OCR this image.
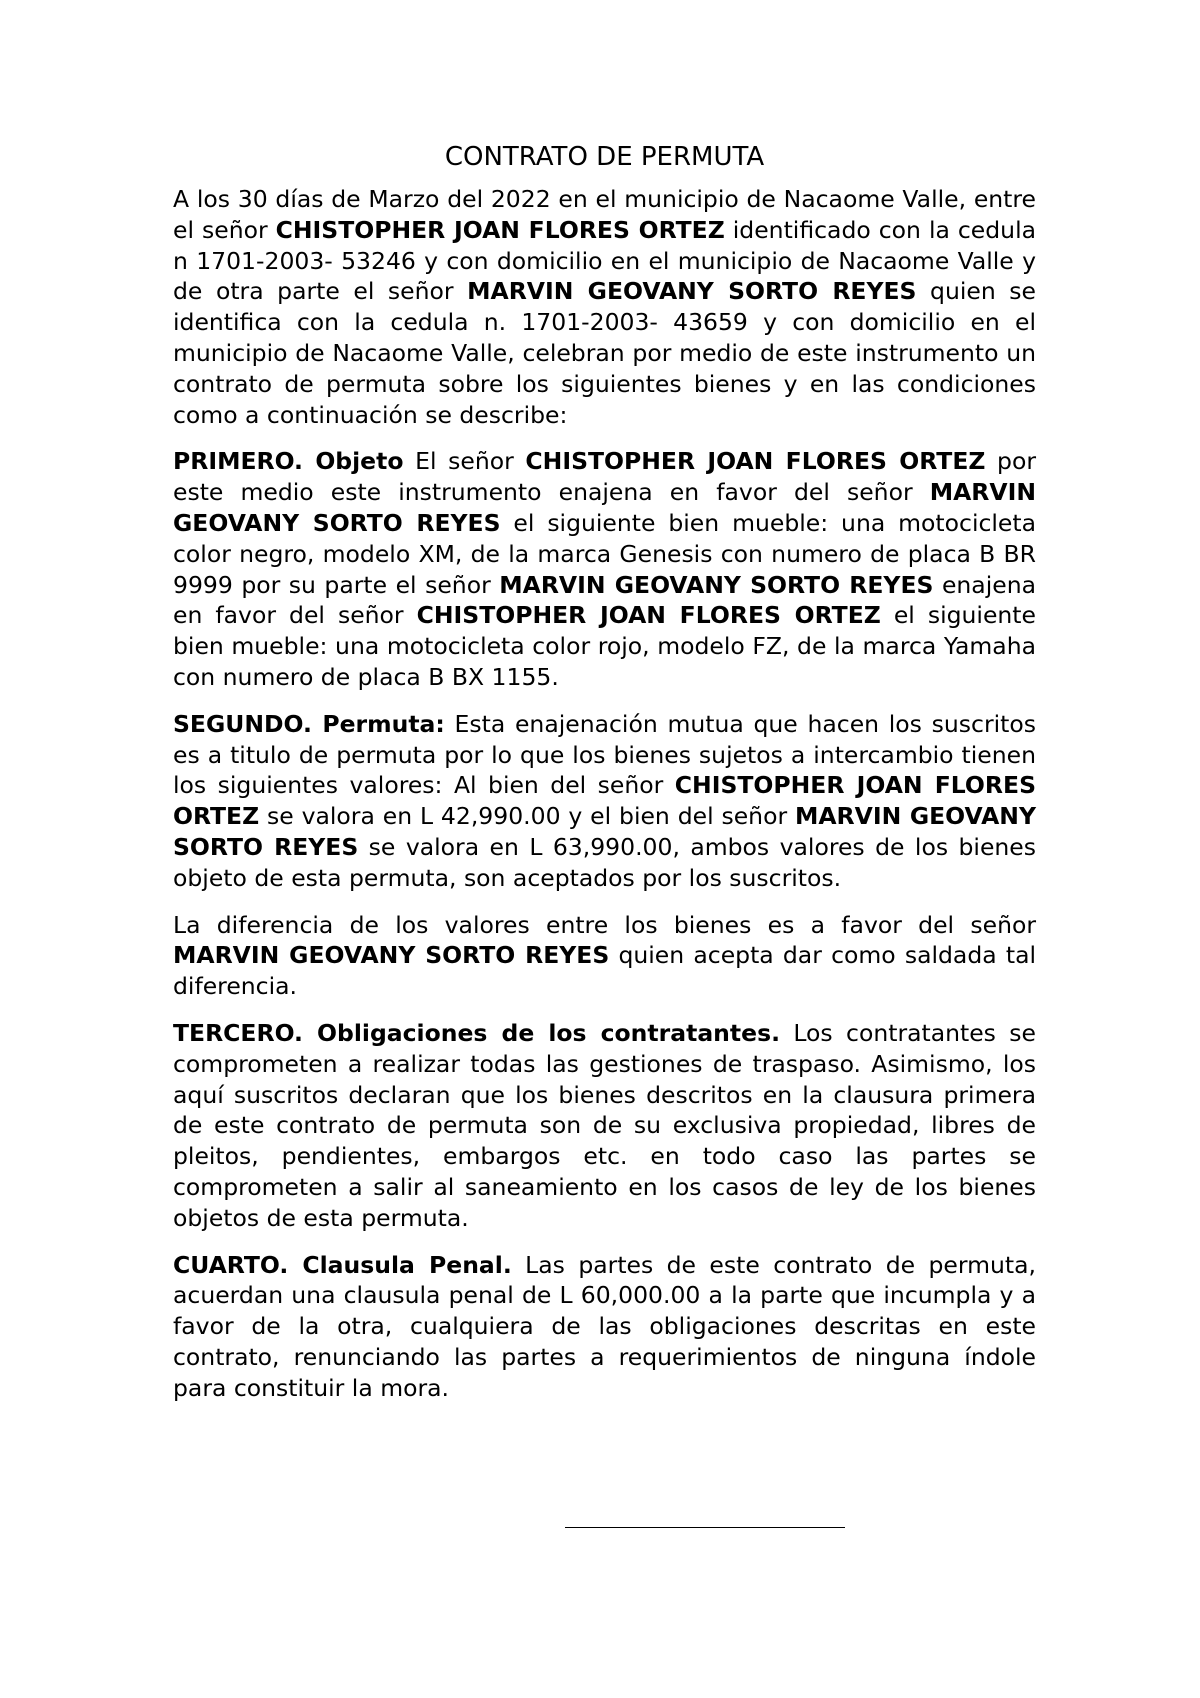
CONTRATO DE PERMUTA

A los 30 días de Marzo del 2022 en el municipio de Nacaome Valle, entre el señor CHISTOPHER JOAN FLORES ORTEZ identificado con la cedula n 1701-2003- 53246 y con domicilio en el municipio de Nacaome Valle y de otra parte el señor MARVIN GEOVANY SORTO REYES quien se identifica con la cedula n. 1701-2003- 43659 y con domicilio en el municipio de Nacaome Valle, celebran por medio de este instrumento un contrato de permuta sobre los siguientes bienes y en las condiciones como a continuación se describe:

PRIMERO. Objeto El señor CHISTOPHER JOAN FLORES ORTEZ por este medio este instrumento enajena en favor del señor MARVIN GEOVANY SORTO REYES el siguiente bien mueble: una motocicleta color negro, modelo XM, de la marca Genesis con numero de placa B BR 9999 por su parte el señor MARVIN GEOVANY SORTO REYES enajena en favor del señor CHISTOPHER JOAN FLORES ORTEZ el siguiente bien mueble: una motocicleta color rojo, modelo FZ, de la marca Yamaha con numero de placa B BX 1155.

SEGUNDO. Permuta: Esta enajenación mutua que hacen los suscritos es a titulo de permuta por lo que los bienes sujetos a intercambio tienen los siguientes valores: Al bien del señor CHISTOPHER JOAN FLORES ORTEZ se valora en L 42,990.00 y el bien del señor MARVIN GEOVANY SORTO REYES se valora en L 63,990.00, ambos valores de los bienes objeto de esta permuta, son aceptados por los suscritos.

La diferencia de los valores entre los bienes es a favor del señor MARVIN GEOVANY SORTO REYES quien acepta dar como saldada tal diferencia.

TERCERO. Obligaciones de los contratantes. Los contratantes se comprometen a realizar todas las gestiones de traspaso. Asimismo, los aquí suscritos declaran que los bienes descritos en la clausura primera de este contrato de permuta son de su exclusiva propiedad, libres de pleitos, pendientes, embargos etc. en todo caso las partes se comprometen a salir al saneamiento en los casos de ley de los bienes objetos de esta permuta.

CUARTO. Clausula Penal. Las partes de este contrato de permuta, acuerdan una clausula penal de L 60,000.00 a la parte que incumpla y a favor de la otra, cualquiera de las obligaciones descritas en este contrato, renunciando las partes a requerimientos de ninguna índole para constituir la mora.
